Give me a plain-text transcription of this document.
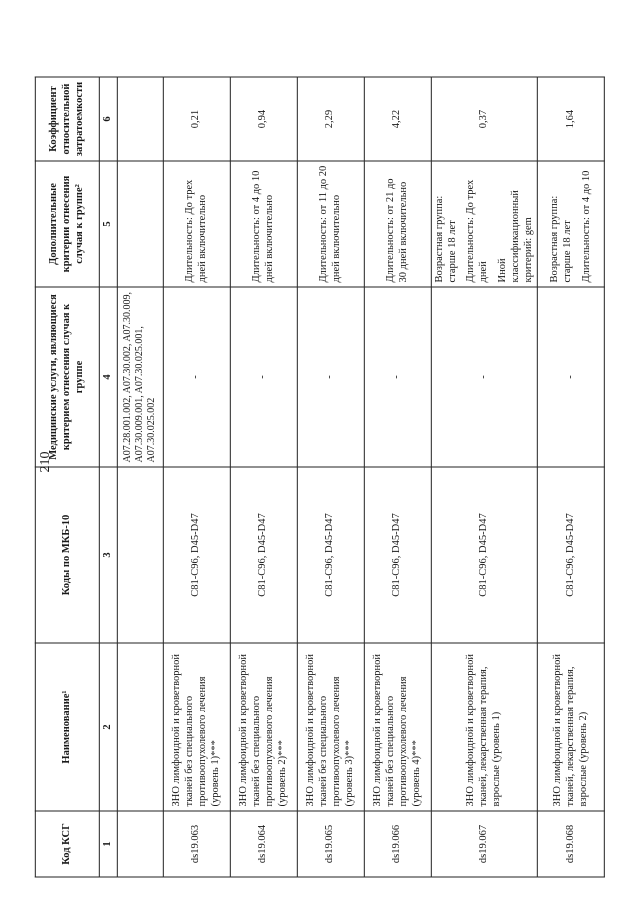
210
Код КСГ	Наименование¹	Коды по МКБ-10	Медицинские услуги, являющиеся критерием отнесения случая к группе	Дополнительные критерии отнесения случая к группе²	Коэффициент относительной затратоемкости
1	2	3	4	5	6
			A07.28.001.002, A07.30.002, A07.30.009, A07.30.009.001, A07.30.025.001, A07.30.025.002		
ds19.063	ЗНО лимфоидной и кроветворной тканей без специального противоопухолевого лечения (уровень 1)***	C81-C96, D45-D47	-	Длительность: До трех дней включительно	0,21
ds19.064	ЗНО лимфоидной и кроветворной тканей без специального противоопухолевого лечения (уровень 2)***	C81-C96, D45-D47	-	Длительность: от 4 до 10 дней включительно	0,94
ds19.065	ЗНО лимфоидной и кроветворной тканей без специального противоопухолевого лечения (уровень 3)***	C81-C96, D45-D47	-	Длительность: от 11 до 20 дней включительно	2,29
ds19.066	ЗНО лимфоидной и кроветворной тканей без специального противоопухолевого лечения (уровень 4)***	C81-C96, D45-D47	-	Длительность: от 21 до 30 дней включительно	4,22
ds19.067	ЗНО лимфоидной и кроветворной тканей, лекарственная терапия, взрослые (уровень 1)	C81-C96, D45-D47	-	Возрастная группа: старше 18 лет Длительность: До трех дней Иной классификационный критерий: gem	0,37
ds19.068	ЗНО лимфоидной и кроветворной тканей, лекарственная терапия, взрослые (уровень 2)	C81-C96, D45-D47	-	Возрастная группа: старше 18 лет Длительность: от 4 до 10	1,64
